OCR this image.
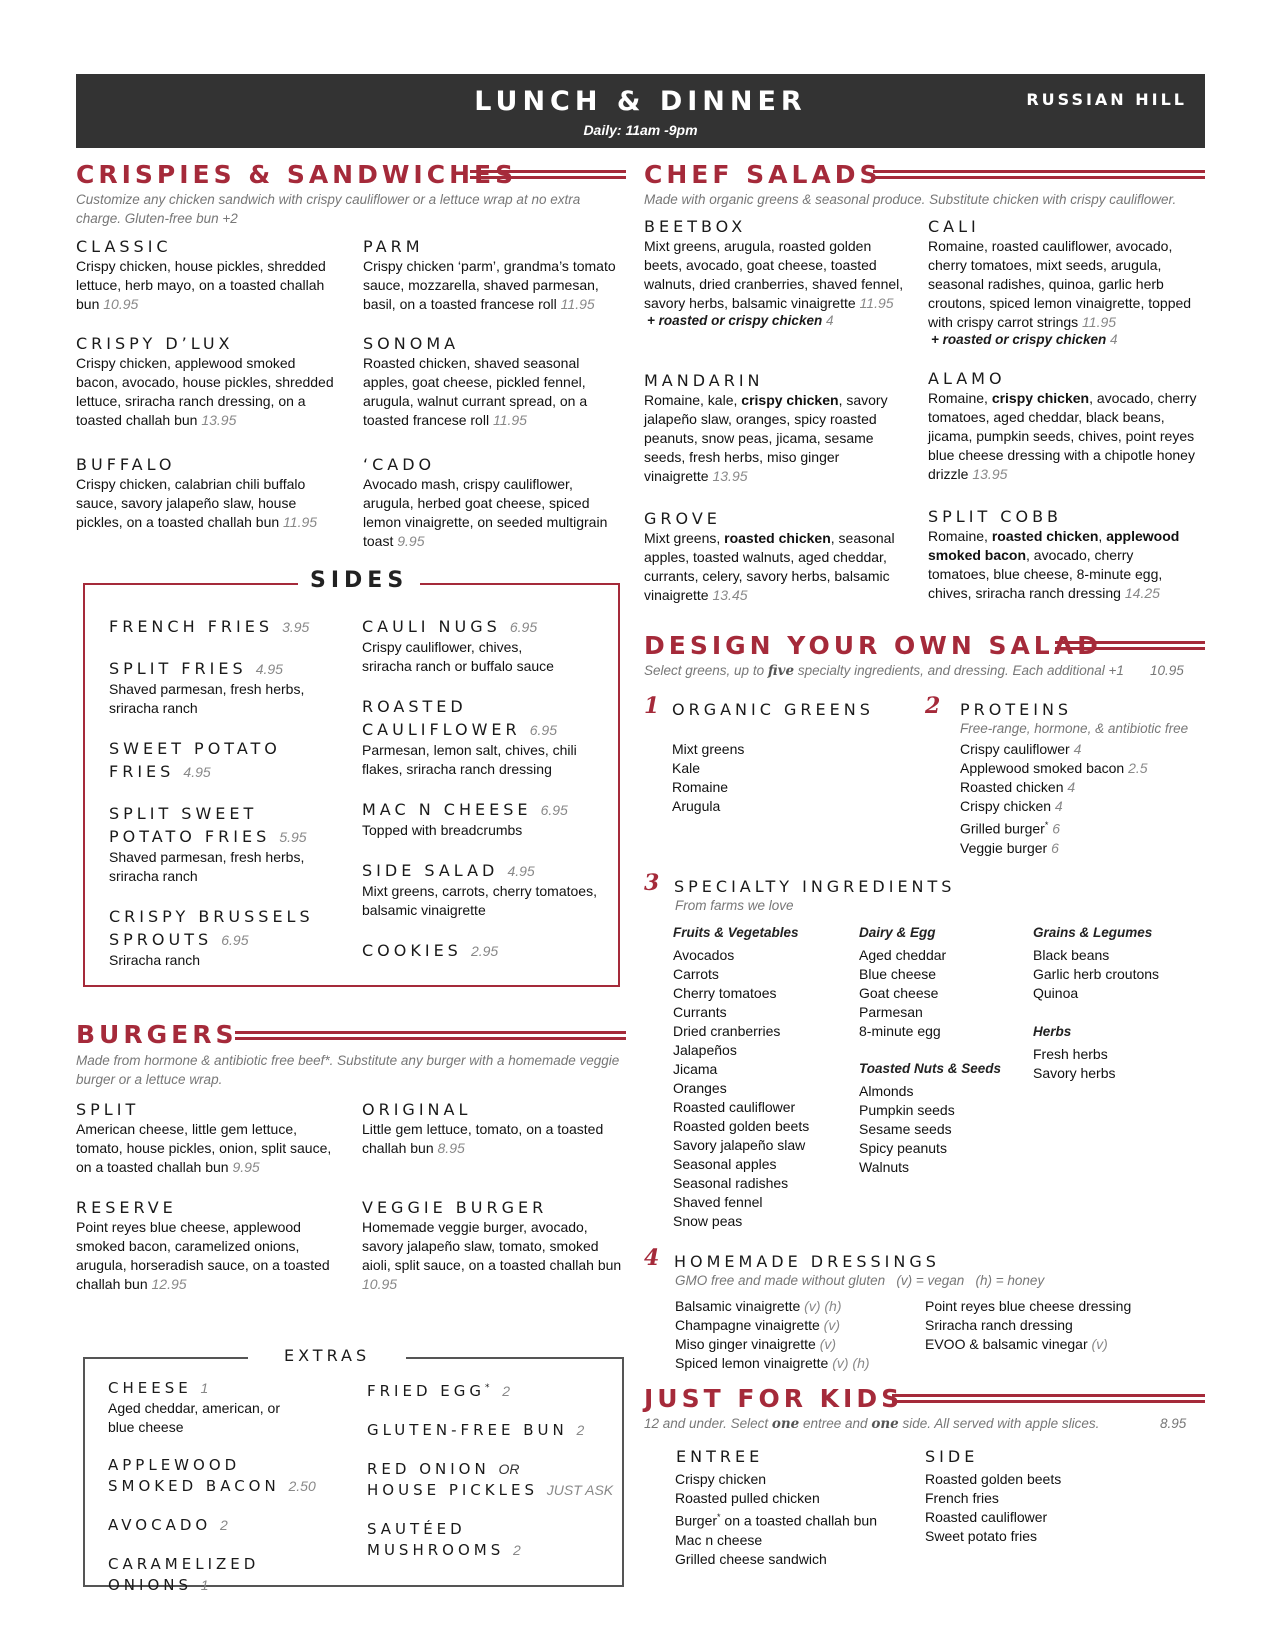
LUNCH & DINNER
Daily: 11am -9pm
RUSSIAN HILL
CRISPIES & SANDWICHES
Customize any chicken sandwich with crispy cauliflower or a lettuce wrap at no extra charge. Gluten-free bun +2
CLASSIC
Crispy chicken, house pickles, shredded lettuce, herb mayo, on a toasted challah bun 10.95
PARM
Crispy chicken ‘parm’, grandma’s tomato sauce, mozzarella, shaved parmesan, basil, on a toasted francese roll 11.95
CRISPY D’LUX
Crispy chicken, applewood smoked bacon, avocado, house pickles, shredded lettuce, sriracha ranch dressing, on a toasted challah bun 13.95
SONOMA
Roasted chicken, shaved seasonal apples, goat cheese, pickled fennel, arugula, walnut currant spread, on a toasted francese roll 11.95
BUFFALO
Crispy chicken, calabrian chili buffalo sauce, savory jalapeño slaw, house pickles, on a toasted challah bun 11.95
‘CADO
Avocado mash, crispy cauliflower, arugula, herbed goat cheese, spiced lemon vinaigrette, on seeded multigrain toast 9.95
SIDES
FRENCH FRIES 3.95
SPLIT FRIES 4.95
Shaved parmesan, fresh herbs, sriracha ranch
SWEET POTATO
FRIES 4.95
SPLIT SWEET
POTATO FRIES 5.95
Shaved parmesan, fresh herbs, sriracha ranch
CRISPY BRUSSELS
SPROUTS 6.95
Sriracha ranch
CAULI NUGS 6.95
Crispy cauliflower, chives, sriracha ranch or buffalo sauce
ROASTED
CAULIFLOWER 6.95
Parmesan, lemon salt, chives, chili flakes, sriracha ranch dressing
MAC N CHEESE 6.95
Topped with breadcrumbs
SIDE SALAD 4.95
Mixt greens, carrots, cherry tomatoes, balsamic vinaigrette
COOKIES 2.95
BURGERS
Made from hormone & antibiotic free beef*. Substitute any burger with a homemade veggie burger or a lettuce wrap.
SPLIT
American cheese, little gem lettuce, tomato, house pickles, onion, split sauce, on a toasted challah bun 9.95
ORIGINAL
Little gem lettuce, tomato, on a toasted challah bun 8.95
RESERVE
Point reyes blue cheese, applewood smoked bacon, caramelized onions, arugula, horseradish sauce, on a toasted challah bun 12.95
VEGGIE BURGER
Homemade veggie burger, avocado, savory jalapeño slaw, tomato, smoked aioli, split sauce, on a toasted challah bun 10.95
EXTRAS
CHEESE 1
Aged cheddar, american, or blue cheese
APPLEWOOD
SMOKED BACON 2.50
AVOCADO 2
CARAMELIZED ONIONS 1
FRIED EGG* 2
GLUTEN-FREE BUN 2
RED ONION OR
HOUSE PICKLES JUST ASK
SAUTÉED
MUSHROOMS 2
CHEF SALADS
Made with organic greens & seasonal produce. Substitute chicken with crispy cauliflower.
BEETBOX
Mixt greens, arugula, roasted golden beets, avocado, goat cheese, toasted walnuts, dried cranberries, shaved fennel, savory herbs, balsamic vinaigrette 11.95
+ roasted or crispy chicken 4
CALI
Romaine, roasted cauliflower, avocado, cherry tomatoes, mixt seeds, arugula, seasonal radishes, quinoa, garlic herb croutons, spiced lemon vinaigrette, topped with crispy carrot strings 11.95
+ roasted or crispy chicken 4
MANDARIN
Romaine, kale, crispy chicken, savory jalapeño slaw, oranges, spicy roasted peanuts, snow peas, jicama, sesame seeds, fresh herbs, miso ginger vinaigrette 13.95
ALAMO
Romaine, crispy chicken, avocado, cherry tomatoes, aged cheddar, black beans, jicama, pumpkin seeds, chives, point reyes blue cheese dressing with a chipotle honey drizzle 13.95
GROVE
Mixt greens, roasted chicken, seasonal apples, toasted walnuts, aged cheddar, currants, celery, savory herbs, balsamic vinaigrette 13.45
SPLIT COBB
Romaine, roasted chicken, applewood smoked bacon, avocado, cherry tomatoes, blue cheese, 8-minute egg, chives, sriracha ranch dressing 14.25
DESIGN YOUR OWN SALAD
Select greens, up to five specialty ingredients, and dressing. Each additional +1 10.95
1 ORGANIC GREENS
Mixt greens
Kale
Romaine
Arugula
2 PROTEINS
Free-range, hormone, & antibiotic free
Crispy cauliflower 4
Applewood smoked bacon 2.5
Roasted chicken 4
Crispy chicken 4
Grilled burger* 6
Veggie burger 6
3 SPECIALTY INGREDIENTS
From farms we love
Fruits & Vegetables
Avocados
Carrots
Cherry tomatoes
Currants
Dried cranberries
Jalapeños
Jicama
Oranges
Roasted cauliflower
Roasted golden beets
Savory jalapeño slaw
Seasonal apples
Seasonal radishes
Shaved fennel
Snow peas
Dairy & Egg
Aged cheddar
Blue cheese
Goat cheese
Parmesan
8-minute egg
Toasted Nuts & Seeds
Almonds
Pumpkin seeds
Sesame seeds
Spicy peanuts
Walnuts
Grains & Legumes
Black beans
Garlic herb croutons
Quinoa
Herbs
Fresh herbs
Savory herbs
4 HOMEMADE DRESSINGS
GMO free and made without gluten   (v) = vegan   (h) = honey
Balsamic vinaigrette (v) (h)
Champagne vinaigrette (v)
Miso ginger vinaigrette (v)
Spiced lemon vinaigrette (v) (h)
Point reyes blue cheese dressing
Sriracha ranch dressing
EVOO & balsamic vinegar (v)
JUST FOR KIDS
12 and under. Select one entree and one side. All served with apple slices.	8.95
ENTREE
Crispy chicken
Roasted pulled chicken
Burger* on a toasted challah bun
Mac n cheese
Grilled cheese sandwich
SIDE
Roasted golden beets
French fries
Roasted cauliflower
Sweet potato fries
